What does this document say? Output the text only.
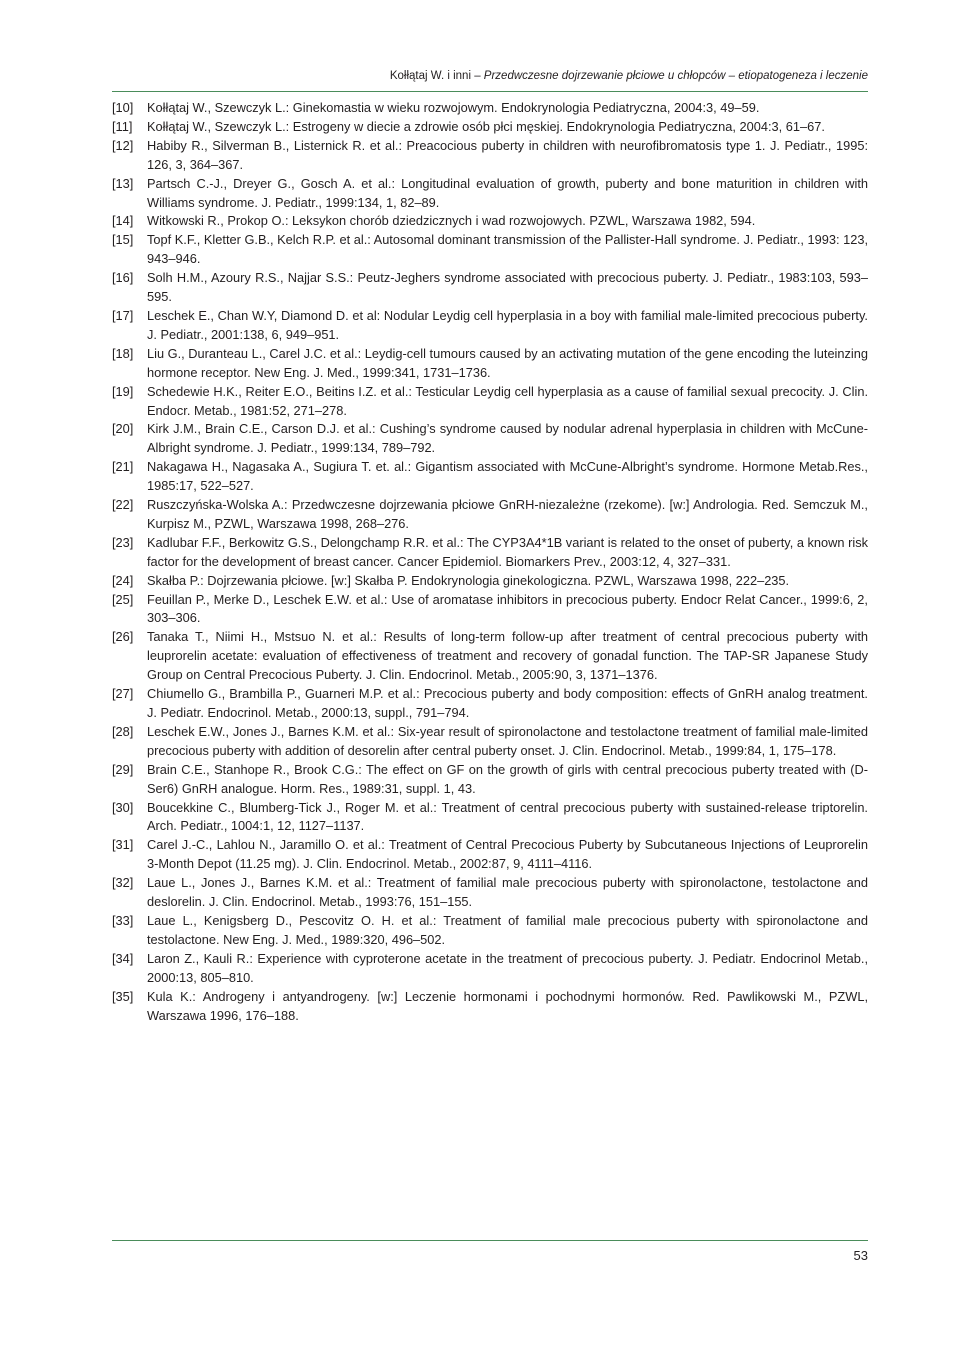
Kołłątaj W. i inni – Przedwczesne dojrzewanie płciowe u chłopców – etiopatogeneza i leczenie
[10]	Kołłątaj W., Szewczyk L.: Ginekomastia w wieku rozwojowym. Endokrynologia Pediatryczna, 2004:3, 49–59.
[11]	Kołłątaj W., Szewczyk L.: Estrogeny w diecie a zdrowie osób płci męskiej. Endokrynologia Pediatryczna, 2004:3, 61–67.
[12]	Habiby R., Silverman B., Listernick R. et al.: Preacocious puberty in children with neurofibromatosis type 1. J. Pediatr., 1995: 126, 3, 364–367.
[13]	Partsch C.-J., Dreyer G., Gosch A. et al.: Longitudinal evaluation of growth, puberty and bone maturition in children with Williams syndrome. J. Pediatr., 1999:134, 1, 82–89.
[14]	Witkowski R., Prokop O.: Leksykon chorób dziedzicznych i wad rozwojowych. PZWL, Warszawa 1982, 594.
[15]	Topf K.F., Kletter G.B., Kelch R.P. et al.: Autosomal dominant transmission of the Pallister-Hall syndrome. J. Pediatr., 1993: 123, 943–946.
[16]	Solh H.M., Azoury R.S., Najjar S.S.: Peutz-Jeghers syndrome associated with precocious puberty. J. Pediatr., 1983:103, 593–595.
[17]	Leschek E., Chan W.Y, Diamond D. et al: Nodular Leydig cell hyperplasia in a boy with familial male-limited precocious puberty. J. Pediatr., 2001:138, 6, 949–951.
[18]	Liu G., Duranteau L., Carel J.C. et al.: Leydig-cell tumours caused by an activating mutation of the gene encoding the luteinzing hormone receptor. New Eng. J. Med., 1999:341, 1731–1736.
[19]	Schedewie H.K., Reiter E.O., Beitins I.Z. et al.: Testicular Leydig cell hyperplasia as a cause of familial sexual precocity. J. Clin. Endocr. Metab., 1981:52, 271–278.
[20]	Kirk J.M., Brain C.E., Carson D.J. et al.: Cushing’s syndrome caused by nodular adrenal hyperplasia in children with McCune-Albright syndrome. J. Pediatr., 1999:134, 789–792.
[21]	Nakagawa H., Nagasaka A., Sugiura T. et. al.: Gigantism associated with McCune-Albright’s syndrome. Hormone Metab.Res., 1985:17, 522–527.
[22]	Ruszczyńska-Wolska A.: Przedwczesne dojrzewania płciowe GnRH-niezależne (rzekome). [w:] Andrologia. Red. Semczuk M., Kurpisz M., PZWL, Warszawa 1998, 268–276.
[23]	Kadlubar F.F., Berkowitz G.S., Delongchamp R.R. et al.: The CYP3A4*1B variant is related to the onset of puberty, a known risk factor for the development of breast cancer. Cancer Epidemiol. Biomarkers Prev., 2003:12, 4, 327–331.
[24]	Skałba P.: Dojrzewania płciowe. [w:] Skałba P. Endokrynologia ginekologiczna. PZWL, Warszawa 1998, 222–235.
[25]	Feuillan P., Merke D., Leschek E.W. et al.: Use of aromatase inhibitors in precocious puberty. Endocr Relat Cancer., 1999:6, 2, 303–306.
[26]	Tanaka T., Niimi H., Mstsuo N. et al.: Results of long-term follow-up after treatment of central precocious puberty with leuprorelin acetate: evaluation of effectiveness of treatment and recovery of gonadal function. The TAP-SR Japanese Study Group on Central Precocious Puberty. J. Clin. Endocrinol. Metab., 2005:90, 3, 1371–1376.
[27]	Chiumello G., Brambilla P., Guarneri M.P. et al.: Precocious puberty and body composition: effects of GnRH analog treatment. J. Pediatr. Endocrinol. Metab., 2000:13, suppl., 791–794.
[28]	Leschek E.W., Jones J., Barnes K.M. et al.: Six-year result of spironolactone and testolactone treatment of familial male-limited precocious puberty with addition of desorelin after central puberty onset. J. Clin. Endocrinol. Metab., 1999:84, 1, 175–178.
[29]	Brain C.E., Stanhope R., Brook C.G.: The effect on GF on the growth of girls with central precocious puberty treated with (D-Ser6) GnRH analogue. Horm. Res., 1989:31, suppl. 1, 43.
[30]	Boucekkine C., Blumberg-Tick J., Roger M. et al.: Treatment of central precocious puberty with sustained-release triptorelin. Arch. Pediatr., 1004:1, 12, 1127–1137.
[31]	Carel J.-C., Lahlou N., Jaramillo O. et al.: Treatment of Central Precocious Puberty by Subcutaneous Injections of Leuprorelin 3-Month Depot (11.25 mg). J. Clin. Endocrinol. Metab., 2002:87, 9, 4111–4116.
[32]	Laue L., Jones J., Barnes K.M. et al.: Treatment of familial male precocious puberty with spironolactone, testolactone and deslorelin. J. Clin. Endocrinol. Metab., 1993:76, 151–155.
[33]	Laue L., Kenigsberg D., Pescovitz O. H. et al.: Treatment of familial male precocious puberty with spironolactone and testolactone. New Eng. J. Med., 1989:320, 496–502.
[34]	Laron Z., Kauli R.: Experience with cyproterone acetate in the treatment of precocious puberty. J. Pediatr. Endocrinol Metab., 2000:13, 805–810.
[35]	Kula K.: Androgeny i antyandrogeny. [w:] Leczenie hormonami i pochodnymi hormonów. Red. Pawlikowski M., PZWL, Warszawa 1996, 176–188.
53
